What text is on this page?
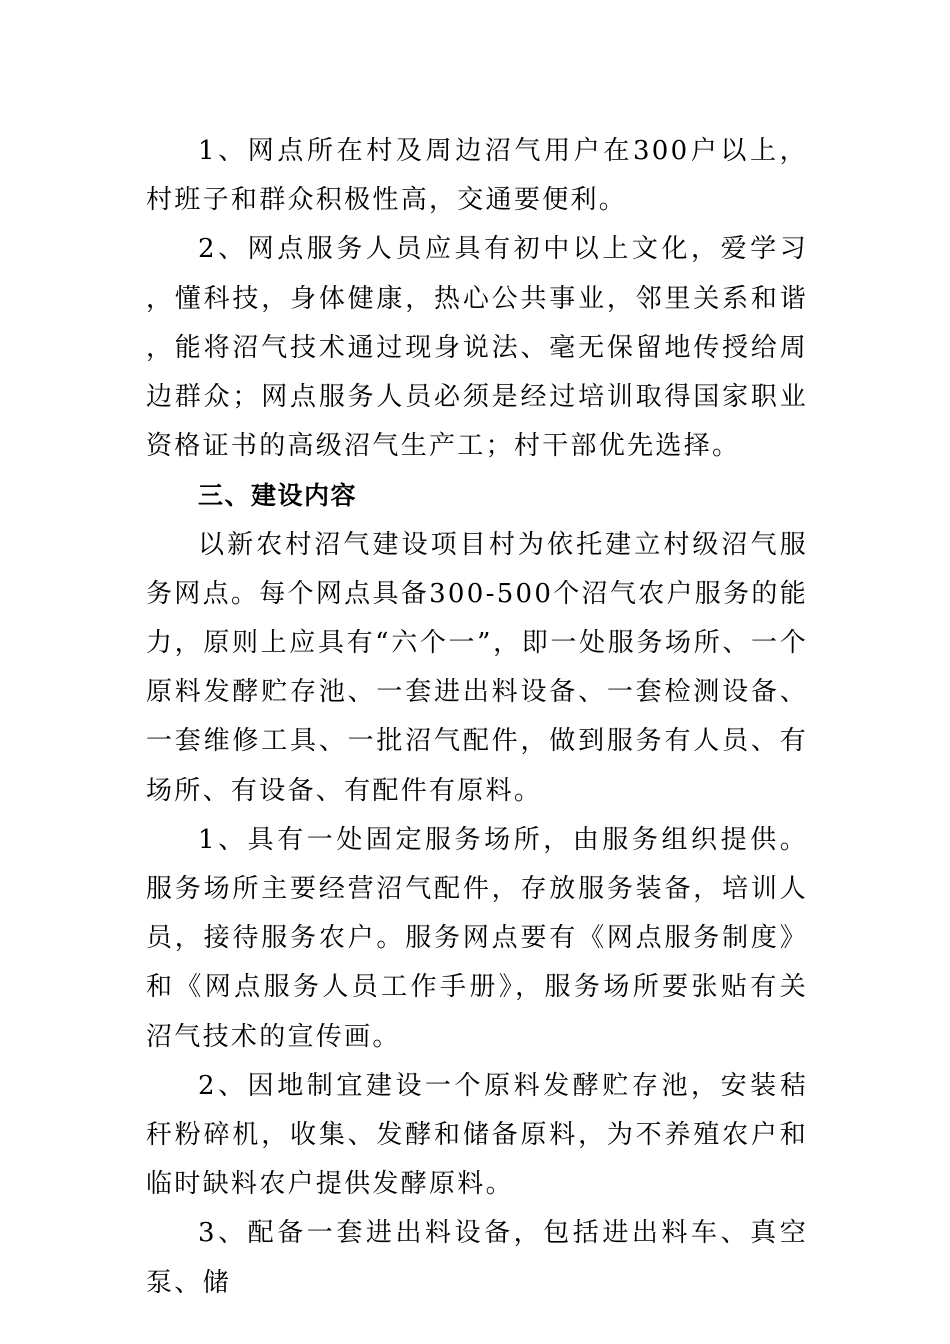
1、网点所在村及周边沼气用户在300户以上，村班子和群众积极性高，交通要便利。

2、网点服务人员应具有初中以上文化，爱学习，懂科技，身体健康，热心公共事业，邻里关系和谐，能将沼气技术通过现身说法、毫无保留地传授给周边群众；网点服务人员必须是经过培训取得国家职业资格证书的高级沼气生产工；村干部优先选择。

三、建设内容

以新农村沼气建设项目村为依托建立村级沼气服务网点。每个网点具备300-500个沼气农户服务的能力，原则上应具有“六个一”，即一处服务场所、一个原料发酵贮存池、一套进出料设备、一套检测设备、一套维修工具、一批沼气配件，做到服务有人员、有场所、有设备、有配件有原料。

1、具有一处固定服务场所，由服务组织提供。服务场所主要经营沼气配件，存放服务装备，培训人员，接待服务农户。服务网点要有《网点服务制度》和《网点服务人员工作手册》，服务场所要张贴有关沼气技术的宣传画。

2、因地制宜建设一个原料发酵贮存池，安装秸秆粉碎机，收集、发酵和储备原料，为不养殖农户和临时缺料农户提供发酵原料。

3、配备一套进出料设备，包括进出料车、真空泵、储
